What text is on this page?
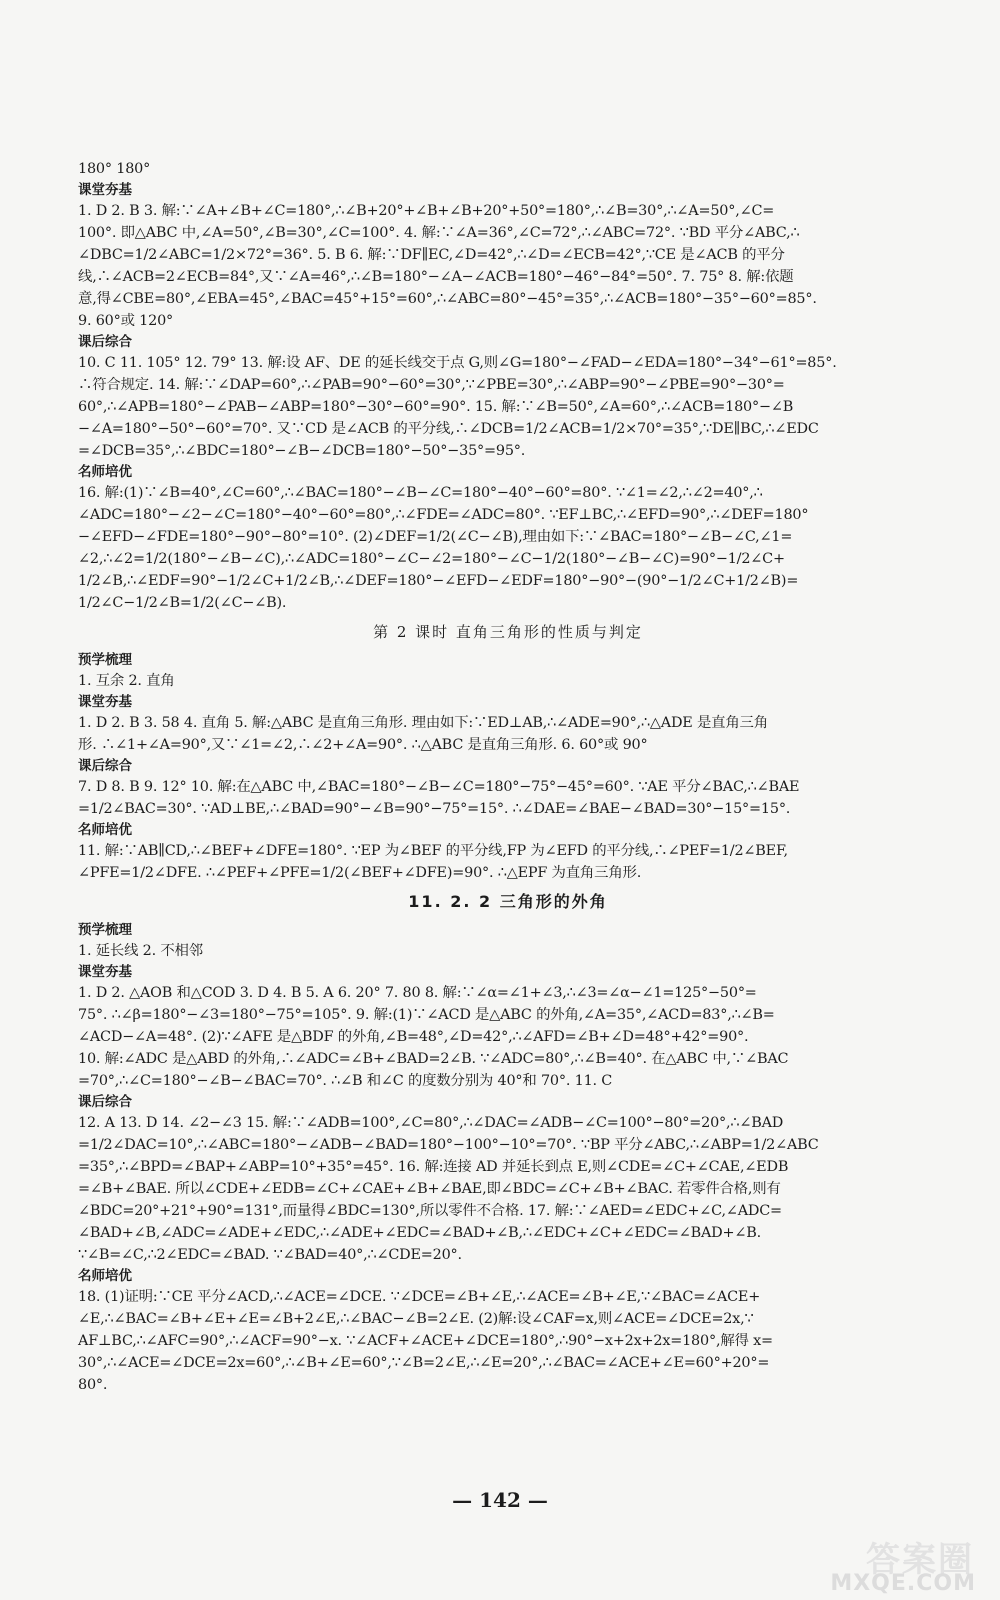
180° 180°
课堂夯基
1. D 2. B 3. 解:∵∠A+∠B+∠C=180°,∴∠B+20°+∠B+∠B+20°+50°=180°,∴∠B=30°,∴∠A=50°,∠C=
100°. 即△ABC 中,∠A=50°,∠B=30°,∠C=100°. 4. 解:∵∠A=36°,∠C=72°,∴∠ABC=72°. ∵BD 平分∠ABC,∴
∠DBC=1/2∠ABC=1/2×72°=36°. 5. B 6. 解:∵DF∥EC,∠D=42°,∴∠D=∠ECB=42°,∵CE 是∠ACB 的平分
线,∴∠ACB=2∠ECB=84°,又∵∠A=46°,∴∠B=180°−∠A−∠ACB=180°−46°−84°=50°. 7. 75° 8. 解:依题
意,得∠CBE=80°,∠EBA=45°,∠BAC=45°+15°=60°,∴∠ABC=80°−45°=35°,∴∠ACB=180°−35°−60°=85°.
9. 60°或 120°
课后综合
10. C 11. 105° 12. 79° 13. 解:设 AF、DE 的延长线交于点 G,则∠G=180°−∠FAD−∠EDA=180°−34°−61°=85°.
∴符合规定. 14. 解:∵∠DAP=60°,∴∠PAB=90°−60°=30°,∵∠PBE=30°,∴∠ABP=90°−∠PBE=90°−30°=
60°,∴∠APB=180°−∠PAB−∠ABP=180°−30°−60°=90°. 15. 解:∵∠B=50°,∠A=60°,∴∠ACB=180°−∠B
−∠A=180°−50°−60°=70°. 又∵CD 是∠ACB 的平分线,∴∠DCB=1/2∠ACB=1/2×70°=35°,∵DE∥BC,∴∠EDC
=∠DCB=35°,∴∠BDC=180°−∠B−∠DCB=180°−50°−35°=95°.
名师培优
16. 解:(1)∵∠B=40°,∠C=60°,∴∠BAC=180°−∠B−∠C=180°−40°−60°=80°. ∵∠1=∠2,∴∠2=40°,∴
∠ADC=180°−∠2−∠C=180°−40°−60°=80°,∴∠FDE=∠ADC=80°. ∵EF⊥BC,∴∠EFD=90°,∴∠DEF=180°
−∠EFD−∠FDE=180°−90°−80°=10°. (2)∠DEF=1/2(∠C−∠B),理由如下:∵∠BAC=180°−∠B−∠C,∠1=
∠2,∴∠2=1/2(180°−∠B−∠C),∴∠ADC=180°−∠C−∠2=180°−∠C−1/2(180°−∠B−∠C)=90°−1/2∠C+
1/2∠B,∴∠EDF=90°−1/2∠C+1/2∠B,∴∠DEF=180°−∠EFD−∠EDF=180°−90°−(90°−1/2∠C+1/2∠B)=
1/2∠C−1/2∠B=1/2(∠C−∠B).
第 2 课时 直角三角形的性质与判定
预学梳理
1. 互余 2. 直角
课堂夯基
1. D 2. B 3. 58 4. 直角 5. 解:△ABC 是直角三角形. 理由如下:∵ED⊥AB,∴∠ADE=90°,∴△ADE 是直角三角
形. ∴∠1+∠A=90°,又∵∠1=∠2,∴∠2+∠A=90°. ∴△ABC 是直角三角形. 6. 60°或 90°
课后综合
7. D 8. B 9. 12° 10. 解:在△ABC 中,∠BAC=180°−∠B−∠C=180°−75°−45°=60°. ∵AE 平分∠BAC,∴∠BAE
=1/2∠BAC=30°. ∵AD⊥BE,∴∠BAD=90°−∠B=90°−75°=15°. ∴∠DAE=∠BAE−∠BAD=30°−15°=15°.
名师培优
11. 解:∵AB∥CD,∴∠BEF+∠DFE=180°. ∵EP 为∠BEF 的平分线,FP 为∠EFD 的平分线,∴∠PEF=1/2∠BEF,
∠PFE=1/2∠DFE. ∴∠PEF+∠PFE=1/2(∠BEF+∠DFE)=90°. ∴△EPF 为直角三角形.
11. 2. 2 三角形的外角
预学梳理
1. 延长线 2. 不相邻
课堂夯基
1. D 2. △AOB 和△COD 3. D 4. B 5. A 6. 20° 7. 80 8. 解:∵∠α=∠1+∠3,∴∠3=∠α−∠1=125°−50°=
75°. ∴∠β=180°−∠3=180°−75°=105°. 9. 解:(1)∵∠ACD 是△ABC 的外角,∠A=35°,∠ACD=83°,∴∠B=
∠ACD−∠A=48°. (2)∵∠AFE 是△BDF 的外角,∠B=48°,∠D=42°,∴∠AFD=∠B+∠D=48°+42°=90°.
10. 解:∠ADC 是△ABD 的外角,∴∠ADC=∠B+∠BAD=2∠B. ∵∠ADC=80°,∴∠B=40°. 在△ABC 中,∵∠BAC
=70°,∴∠C=180°−∠B−∠BAC=70°. ∴∠B 和∠C 的度数分别为 40°和 70°. 11. C
课后综合
12. A 13. D 14. ∠2−∠3 15. 解:∵∠ADB=100°,∠C=80°,∴∠DAC=∠ADB−∠C=100°−80°=20°,∴∠BAD
=1/2∠DAC=10°,∴∠ABC=180°−∠ADB−∠BAD=180°−100°−10°=70°. ∵BP 平分∠ABC,∴∠ABP=1/2∠ABC
=35°,∴∠BPD=∠BAP+∠ABP=10°+35°=45°. 16. 解:连接 AD 并延长到点 E,则∠CDE=∠C+∠CAE,∠EDB
=∠B+∠BAE. 所以∠CDE+∠EDB=∠C+∠CAE+∠B+∠BAE,即∠BDC=∠C+∠B+∠BAC. 若零件合格,则有
∠BDC=20°+21°+90°=131°,而量得∠BDC=130°,所以零件不合格. 17. 解:∵∠AED=∠EDC+∠C,∠ADC=
∠BAD+∠B,∠ADC=∠ADE+∠EDC,∴∠ADE+∠EDC=∠BAD+∠B,∴∠EDC+∠C+∠EDC=∠BAD+∠B.
∵∠B=∠C,∴2∠EDC=∠BAD. ∵∠BAD=40°,∴∠CDE=20°.
名师培优
18. (1)证明:∵CE 平分∠ACD,∴∠ACE=∠DCE. ∵∠DCE=∠B+∠E,∴∠ACE=∠B+∠E,∵∠BAC=∠ACE+
∠E,∴∠BAC=∠B+∠E+∠E=∠B+2∠E,∴∠BAC−∠B=2∠E. (2)解:设∠CAF=x,则∠ACE=∠DCE=2x,∵
AF⊥BC,∴∠AFC=90°,∴∠ACF=90°−x. ∵∠ACF+∠ACE+∠DCE=180°,∴90°−x+2x+2x=180°,解得 x=
30°,∴∠ACE=∠DCE=2x=60°,∴∠B+∠E=60°,∵∠B=2∠E,∴∠E=20°,∴∠BAC=∠ACE+∠E=60°+20°=
80°.
— 142 —
答案圈
MXQE.COM
